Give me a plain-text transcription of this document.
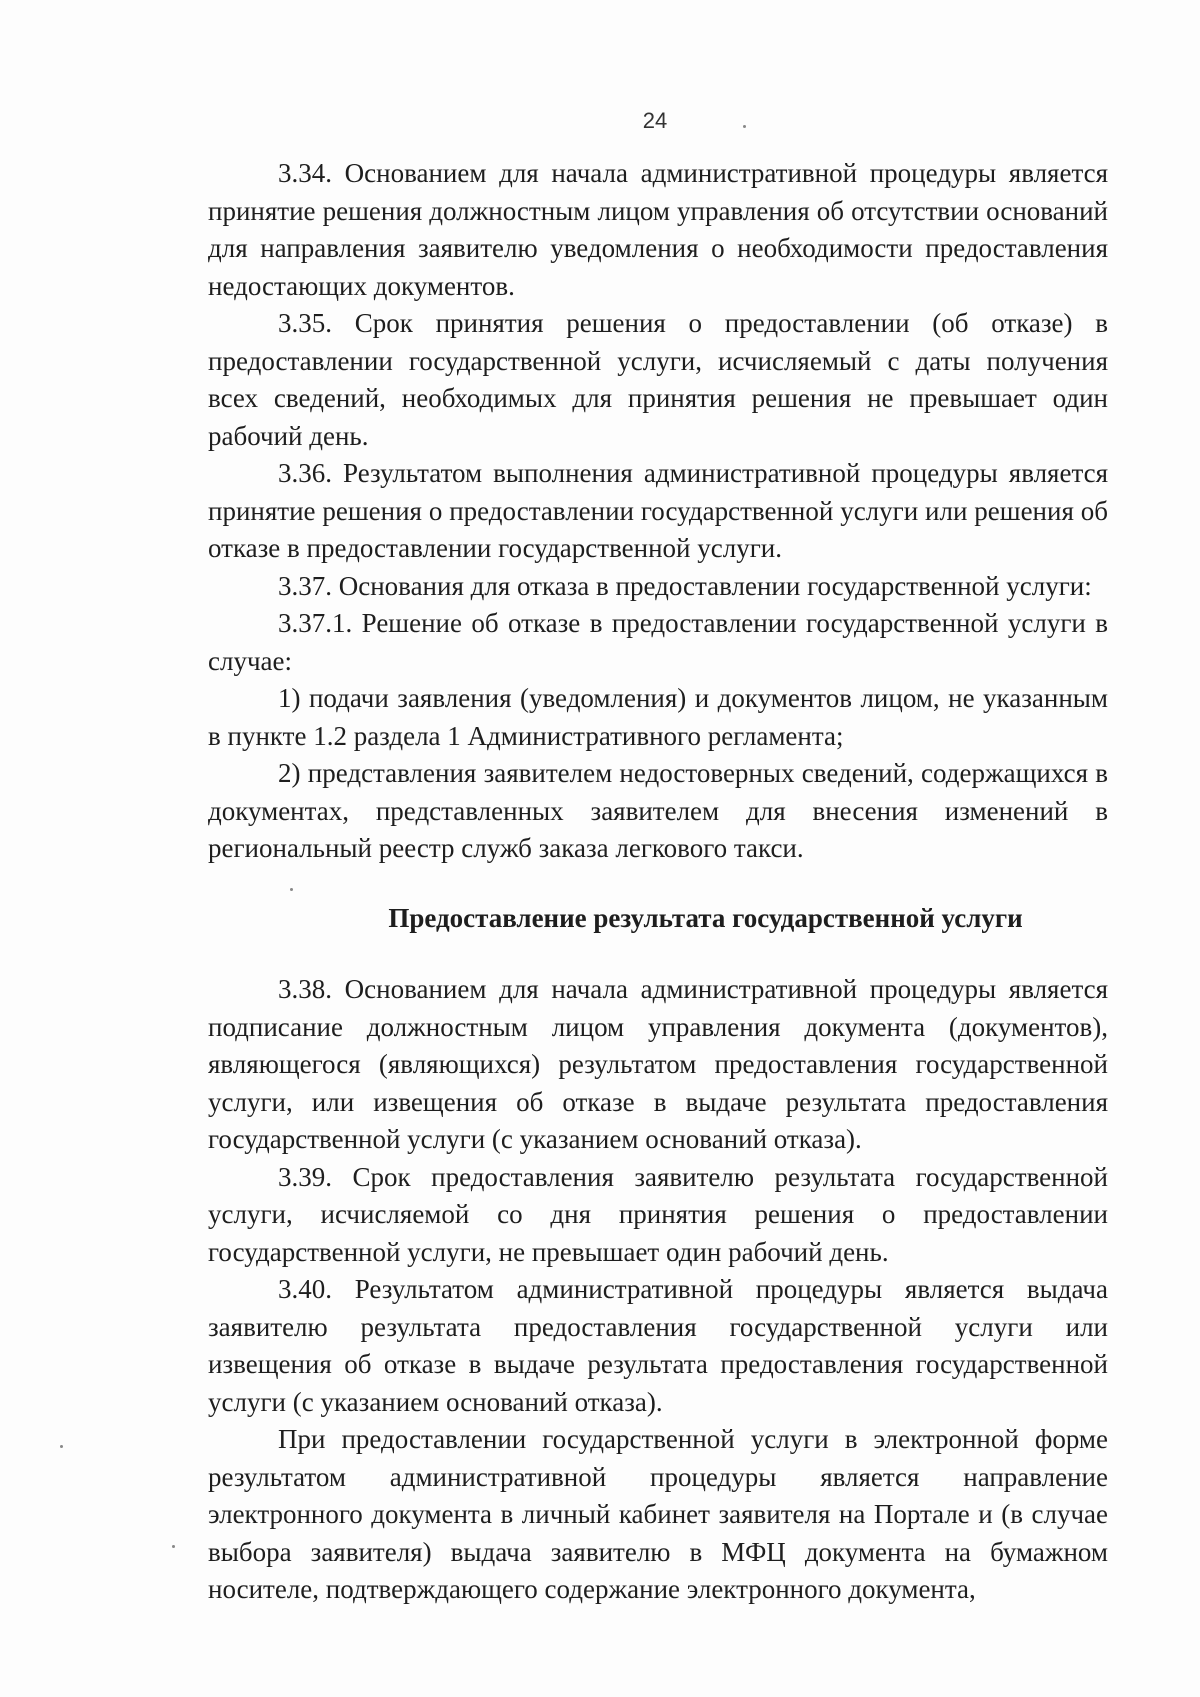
24

3.34. Основанием для начала административной процедуры является принятие решения должностным лицом управления об отсутствии оснований для направления заявителю уведомления о необходимости предоставления недостающих документов.

3.35. Срок принятия решения о предоставлении (об отказе) в предоставлении государственной услуги, исчисляемый с даты получения всех сведений, необходимых для принятия решения не превышает один рабочий день.

3.36. Результатом выполнения административной процедуры является принятие решения о предоставлении государственной услуги или решения об отказе в предоставлении государственной услуги.

3.37. Основания для отказа в предоставлении государственной услуги:

3.37.1. Решение об отказе в предоставлении государственной услуги в случае:

1) подачи заявления (уведомления) и документов лицом, не указанным в пункте 1.2 раздела 1 Административного регламента;

2) представления заявителем недостоверных сведений, содержащихся в документах, представленных заявителем для внесения изменений в региональный реестр служб заказа легкового такси.

Предоставление результата государственной услуги

3.38. Основанием для начала административной процедуры является подписание должностным лицом управления документа (документов), являющегося (являющихся) результатом предоставления государственной услуги, или извещения об отказе в выдаче результата предоставления государственной услуги (с указанием оснований отказа).

3.39. Срок предоставления заявителю результата государственной услуги, исчисляемой со дня принятия решения о предоставлении государственной услуги, не превышает один рабочий день.

3.40. Результатом административной процедуры является выдача заявителю результата предоставления государственной услуги или извещения об отказе в выдаче результата предоставления государственной услуги (с указанием оснований отказа).

При предоставлении государственной услуги в электронной форме результатом административной процедуры является направление электронного документа в личный кабинет заявителя на Портале и (в случае выбора заявителя) выдача заявителю в МФЦ документа на бумажном носителе, подтверждающего содержание электронного документа,
